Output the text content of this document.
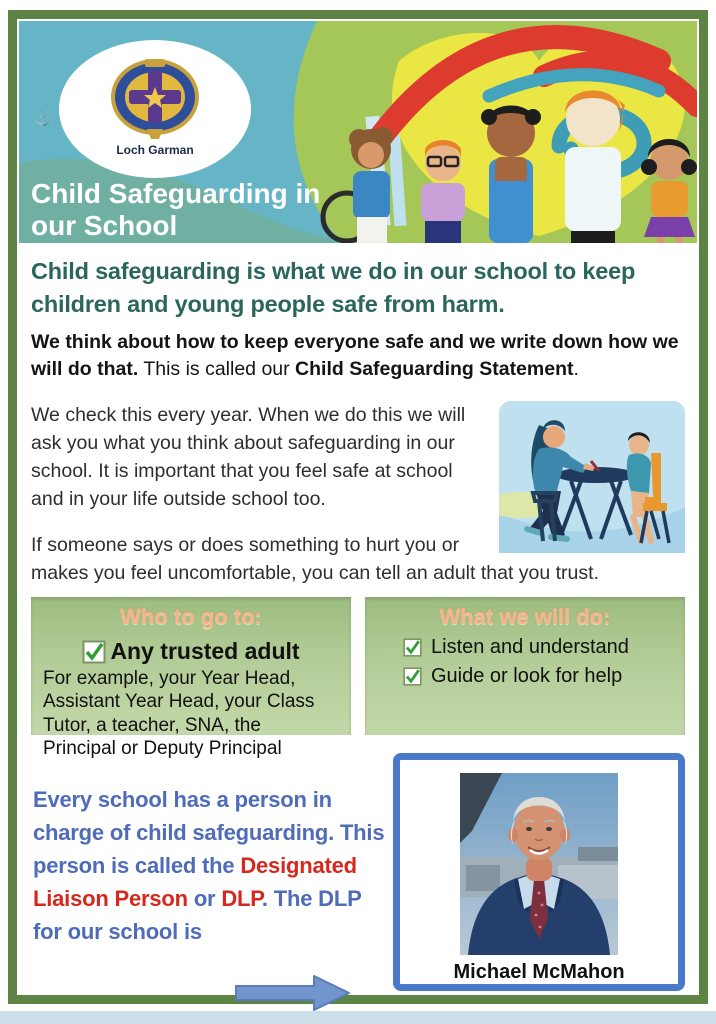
⚓
Loch Garman
Child Safeguarding in
our School
Child safeguarding is what we do in our school to keep children and young people safe from harm.
We think about how to keep everyone safe and we write down how we will do that. This is called our Child Safeguarding Statement.
We check this every year. When we do this we will ask you what you think about safeguarding in our school. It is important that you feel safe at school and in your life outside school too.
If someone says or does something to hurt you or makes you feel uncomfortable, you can tell an adult that you trust.
Who to go to:
Any trusted adult
For example, your Year Head, Assistant Year Head, your Class Tutor, a teacher, SNA, the Principal or Deputy Principal
What we will do:
Listen and understand
Guide or look for help
Every school has a person in charge of child safeguarding. This person is called the Designated Liaison Person or DLP. The DLP for our school is
Michael McMahon
